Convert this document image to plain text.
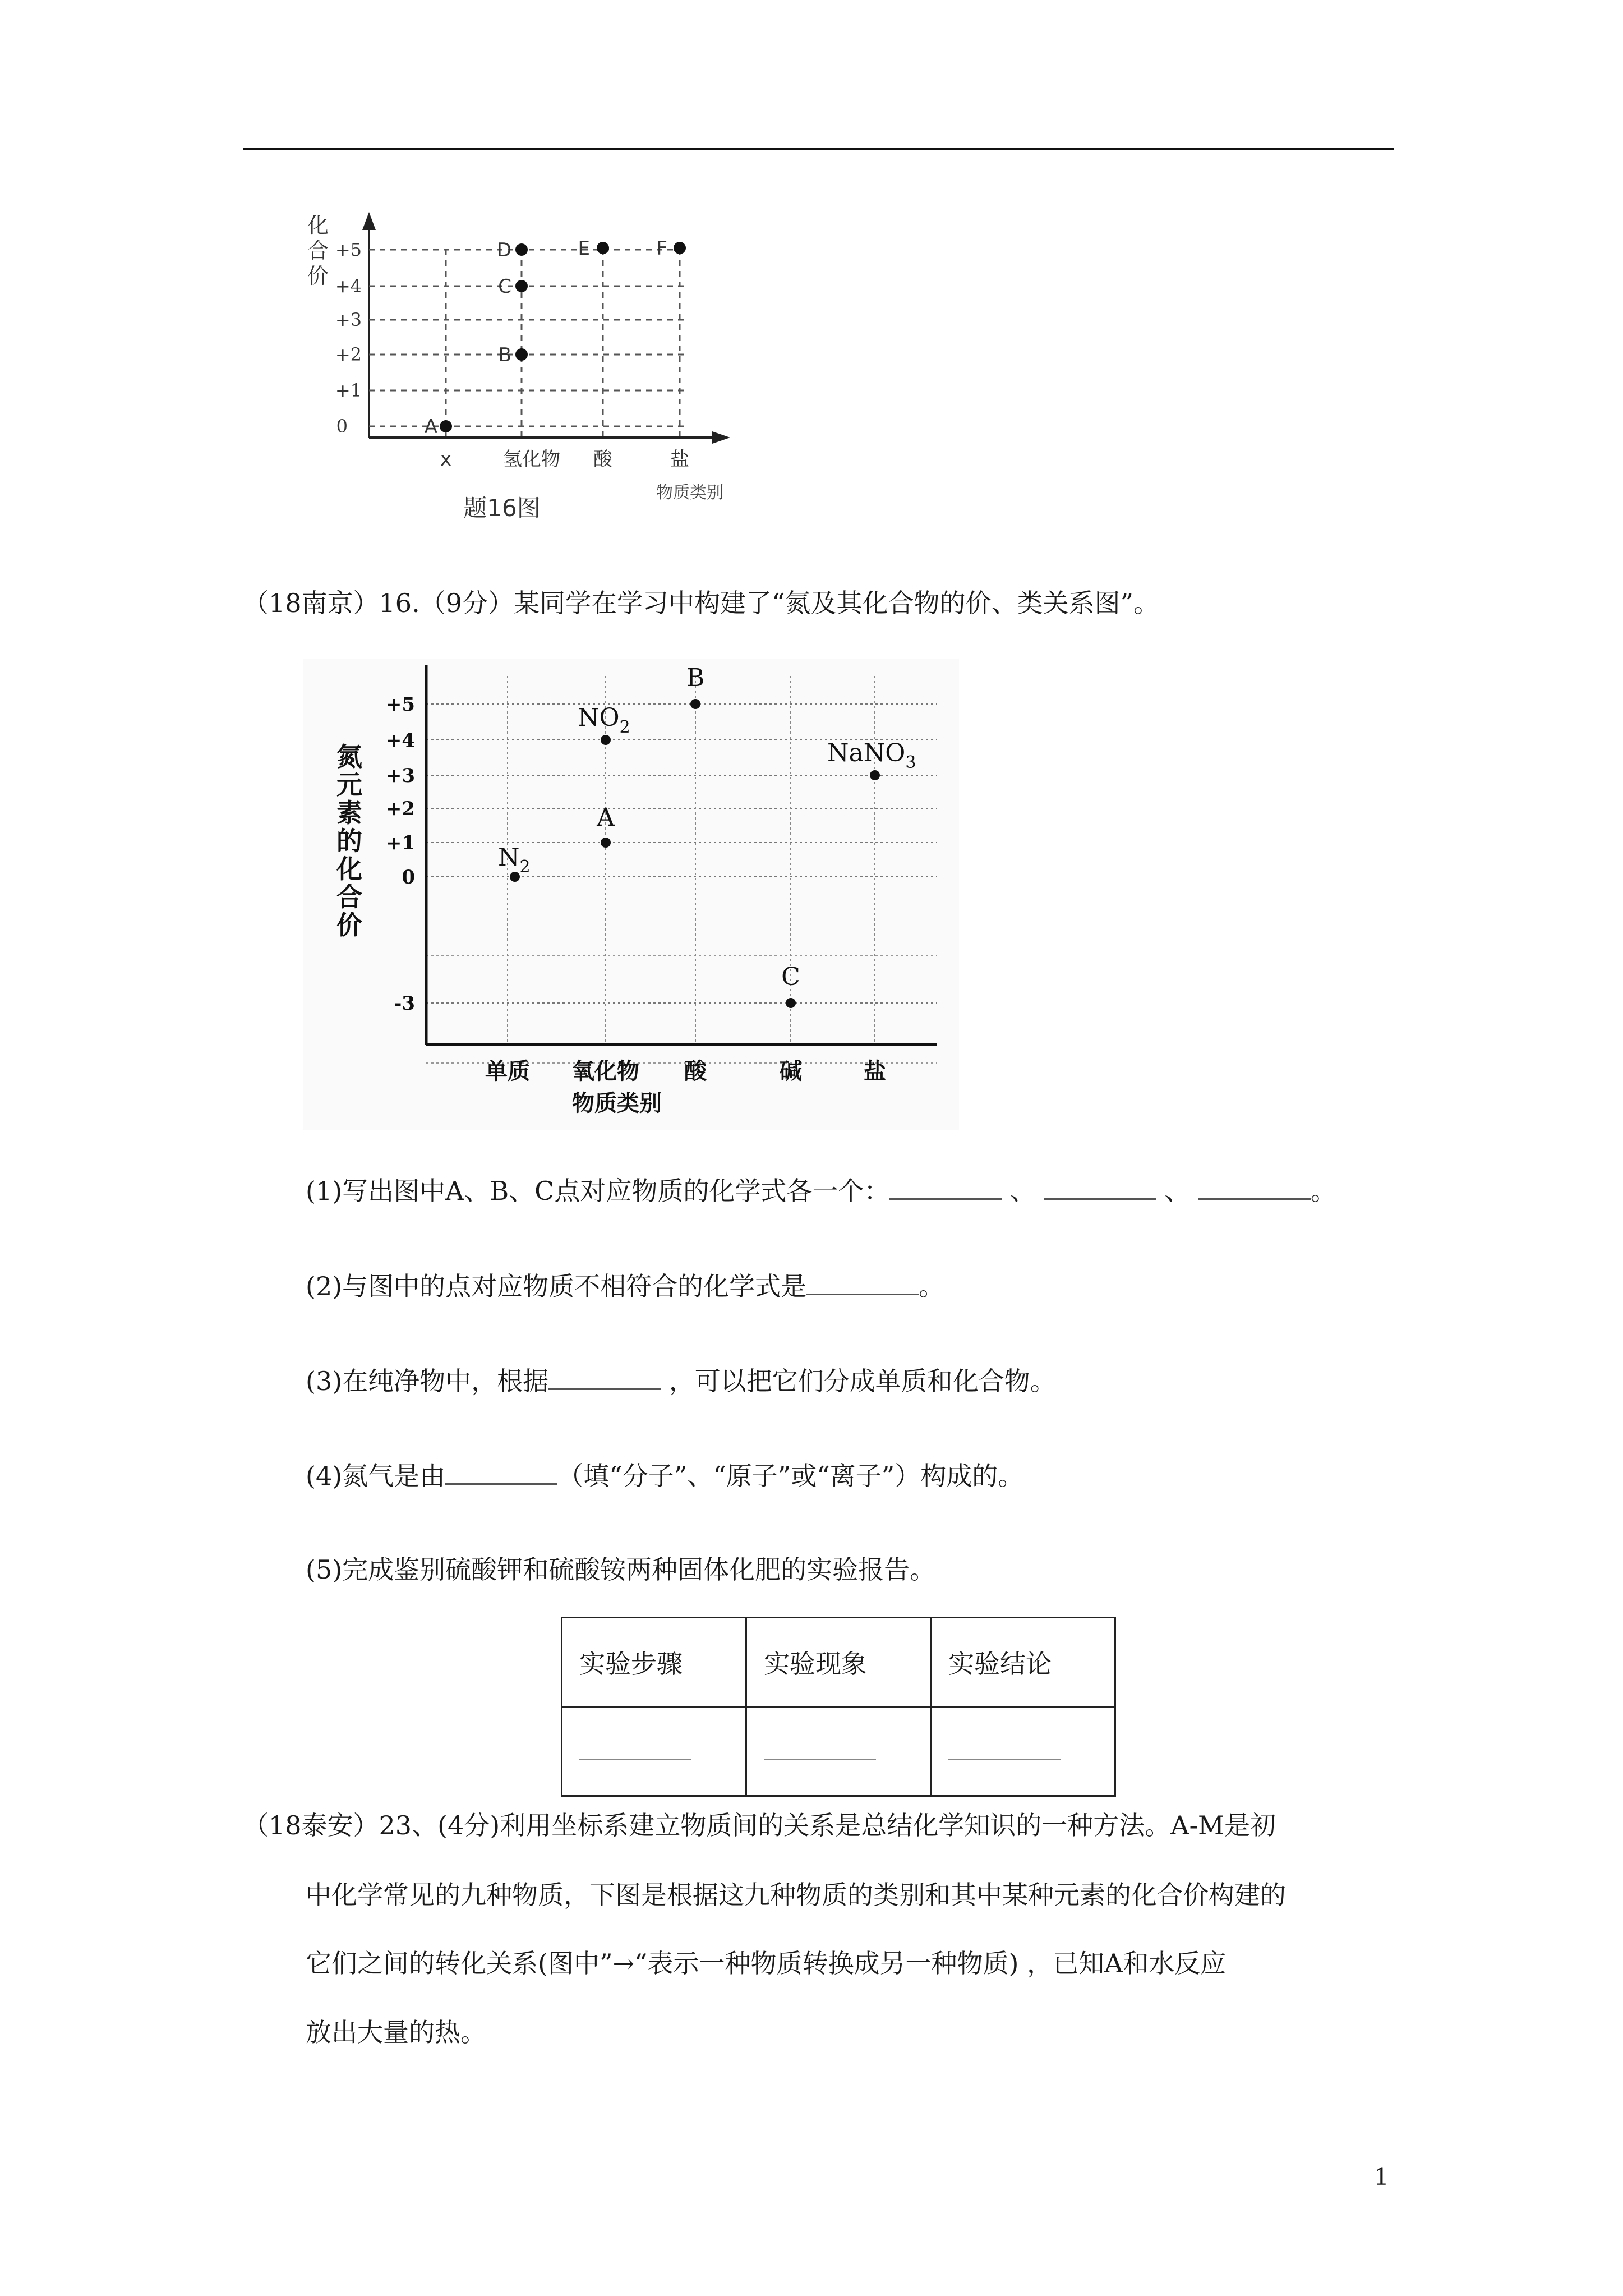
化
合
价
+5
+4
+3
+2
+1
0
x	氢化物 酸	盐
物质类别
题16图
A
B
C
D	E	F
（18南京）16.（9分）某同学在学习中构建了“氮及其化合物的价、类关系图”。
氮
元
素
的
化
合
价
+5
+4
+3
+2
+1
0
-3
单质 氧化物 酸	碱	盐
物质类别
$N_2$
A
$NO_2$
B
C
NaNO$_3$
(1)写出图中A、B、C点对应物质的化学式各一个：	、	、	。
(2)与图中的点对应物质不相符合的化学式是	。
(3)在纯净物中，根据	，可以把它们分成单质和化合物。
(4)氮气是由	（填“分子”、“原子”或“离子”）构成的。
(5)完成鉴别硫酸钾和硫酸铵两种固体化肥的实验报告。
实验步骤	实验现象	实验结论

（18泰安）23、(4分)利用坐标系建立物质间的关系是总结化学知识的一种方法。A-M是初
中化学常见的九种物质，下图是根据这九种物质的类别和其中某种元素的化合价构建的
它们之间的转化关系(图中”→“表示一种物质转换成另一种物质) ，已知A和水反应
放出大量的热。
1
